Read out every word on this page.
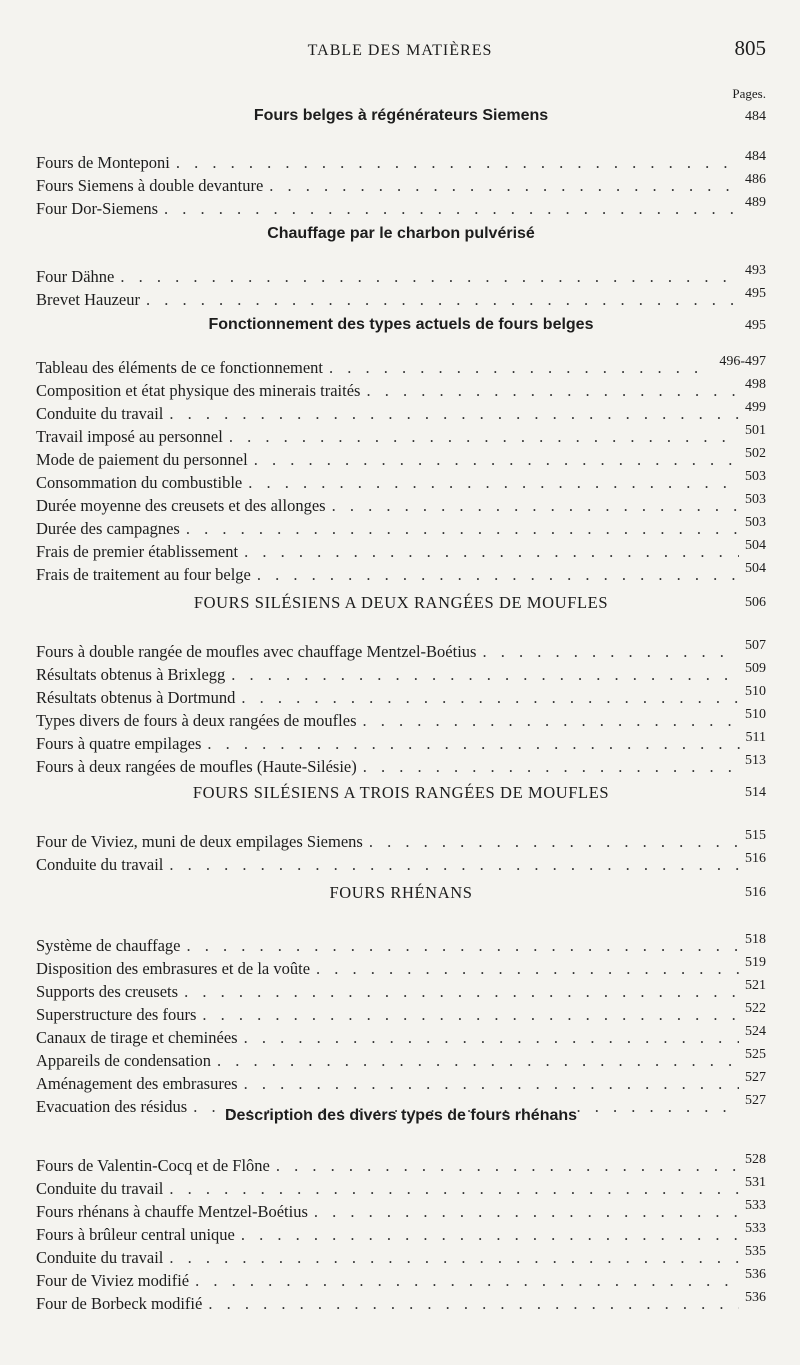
TABLE DES MATIÈRES	805
Pages.
Fours belges à régénérateurs Siemens	484
Fours de Monteponi . . .	484
Fours Siemens à double devanture . . .	486
Four Dor-Siemens . . .	489
Chauffage par le charbon pulvérisé
Four Dähne . . .	493
Brevet Hauzeur . . .	495
Fonctionnement des types actuels de fours belges	495
Tableau des éléments de ce fonctionnement . . .	496-497
Composition et état physique des minerais traités . . .	498
Conduite du travail . . .	499
Travail imposé au personnel . . .	501
Mode de paiement du personnel . . .	502
Consommation du combustible . . .	503
Durée moyenne des creusets et des allonges . . .	503
Durée des campagnes . . .	503
Frais de premier établissement . . .	504
Frais de traitement au four belge . . .	504
FOURS SILÉSIENS A DEUX RANGÉES DE MOUFLES	506
Fours à double rangée de moufles avec chauffage Mentzel-Boétius . . .	507
Résultats obtenus à Brixlegg . . .	509
Résultats obtenus à Dortmund . . .	510
Types divers de fours à deux rangées de moufles . . .	510
Fours à quatre empilages . . .	511
Fours à deux rangées de moufles (Haute-Silésie) . . .	513
FOURS SILÉSIENS A TROIS RANGÉES DE MOUFLES	514
Four de Viviez, muni de deux empilages Siemens . . .	515
Conduite du travail . . .	516
FOURS RHÉNANS	516
Système de chauffage . . .	518
Disposition des embrasures et de la voûte . . .	519
Supports des creusets . . .	521
Superstructure des fours . . .	522
Canaux de tirage et cheminées . . .	524
Appareils de condensation . . .	525
Aménagement des embrasures . . .	527
Evacuation des résidus . . .	527
Description des divers types de fours rhénans
Fours de Valentin-Cocq et de Flône . . .	528
Conduite du travail . . .	531
Fours rhénans à chauffe Mentzel-Boétius . . .	533
Fours à brûleur central unique . . .	533
Conduite du travail . . .	535
Four de Viviez modifié . . .	536
Four de Borbeck modifié . . .	536
